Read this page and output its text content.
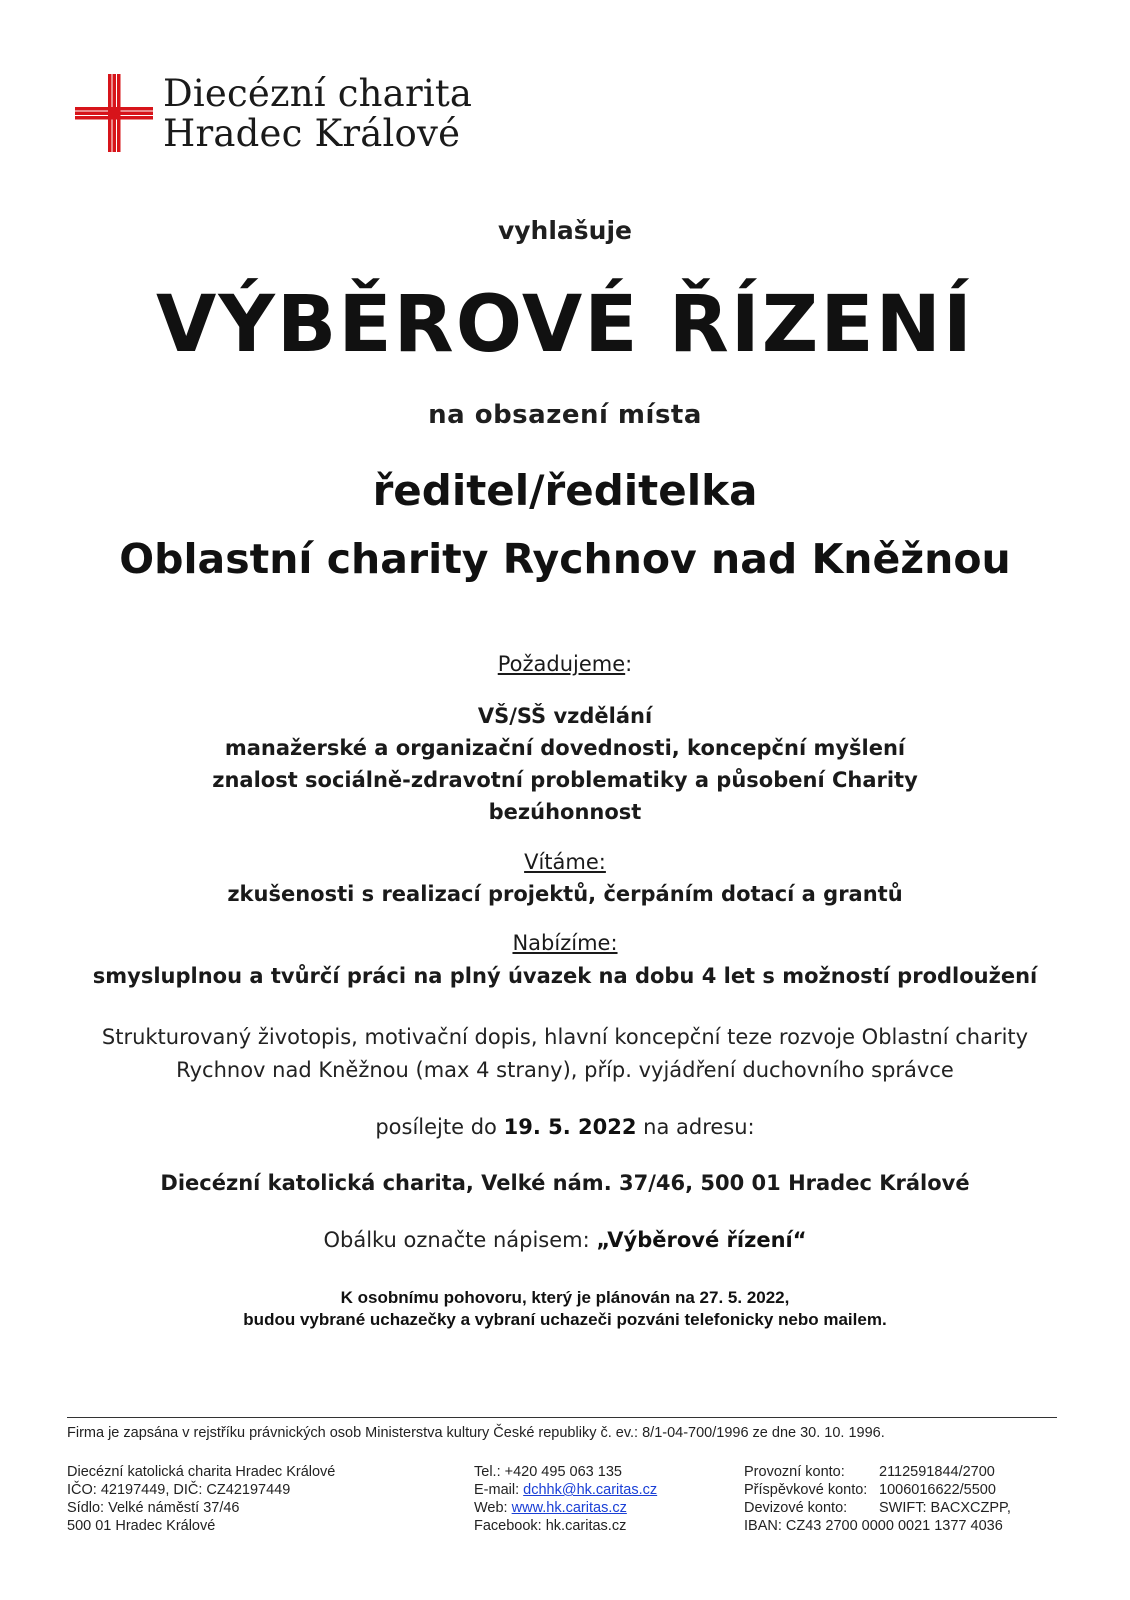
Diecézní charita
Hradec Králové
vyhlašuje
VÝBĚROVÉ ŘÍZENÍ
na obsazení místa
ředitel/ředitelka
Oblastní charity Rychnov nad Kněžnou
Požadujeme:
VŠ/SŠ vzdělání
manažerské a organizační dovednosti, koncepční myšlení
znalost sociálně-zdravotní problematiky a působení Charity
bezúhonnost
Vítáme:
zkušenosti s realizací projektů, čerpáním dotací a grantů
Nabízíme:
smysluplnou a tvůrčí práci na plný úvazek na dobu 4 let s možností prodloužení
Strukturovaný životopis, motivační dopis, hlavní koncepční teze rozvoje Oblastní charity
Rychnov nad Kněžnou (max 4 strany), příp. vyjádření duchovního správce
posílejte do 19. 5. 2022 na adresu:
Diecézní katolická charita, Velké nám. 37/46, 500 01 Hradec Králové
Obálku označte nápisem: „Výběrové řízení“
K osobnímu pohovoru, který je plánován na 27. 5. 2022,
budou vybrané uchazečky a vybraní uchazeči pozváni telefonicky nebo mailem.
Firma je zapsána v rejstříku právnických osob Ministerstva kultury České republiky č. ev.: 8/1-04-700/1996 ze dne 30. 10. 1996.
Diecézní katolická charita Hradec Králové
IČO: 42197449, DIČ: CZ42197449
Sídlo: Velké náměstí 37/46
500 01 Hradec Králové
Tel.: +420 495 063 135
E-mail: dchhk@hk.caritas.cz
Web: www.hk.caritas.cz
Facebook: hk.caritas.cz
Provozní konto: 2112591844/2700
Příspěvkové konto: 1006016622/5500
Devizové konto: SWIFT: BACXCZPP,
IBAN: CZ43 2700 0000 0021 1377 4036
